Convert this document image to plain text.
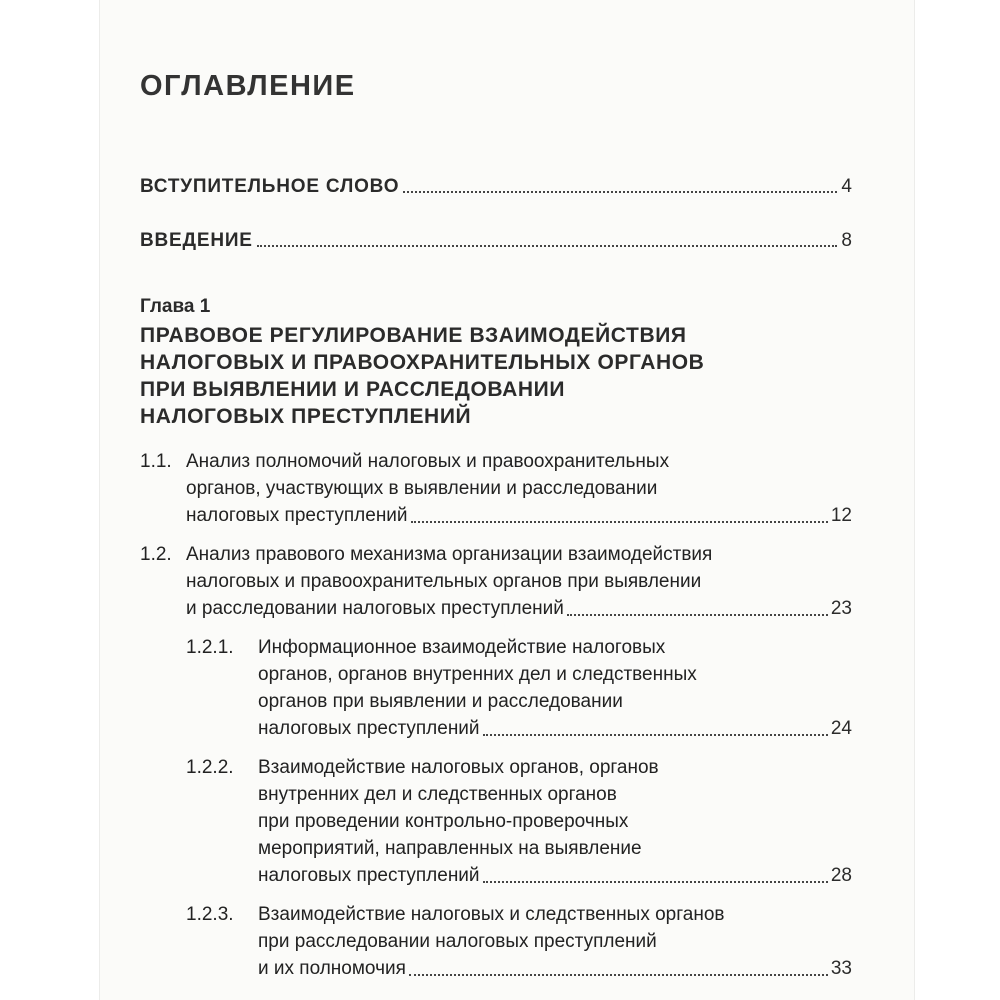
ОГЛАВЛЕНИЕ
ВСТУПИТЕЛЬНОЕ СЛОВО	4
ВВЕДЕНИЕ	8
Глава 1
ПРАВОВОЕ РЕГУЛИРОВАНИЕ ВЗАИМОДЕЙСТВИЯ
НАЛОГОВЫХ И ПРАВООХРАНИТЕЛЬНЫХ ОРГАНОВ
ПРИ ВЫЯВЛЕНИИ И РАССЛЕДОВАНИИ
НАЛОГОВЫХ ПРЕСТУПЛЕНИЙ
1.1. Анализ полномочий налоговых и правоохранительных
органов, участвующих в выявлении и расследовании
налоговых преступлений	12
1.2. Анализ правового механизма организации взаимодействия
налоговых и правоохранительных органов при выявлении
и расследовании налоговых преступлений	23
1.2.1. Информационное взаимодействие налоговых
органов, органов внутренних дел и следственных
органов при выявлении и расследовании
налоговых преступлений	24
1.2.2. Взаимодействие налоговых органов, органов
внутренних дел и следственных органов
при проведении контрольно-проверочных
мероприятий, направленных на выявление
налоговых преступлений	28
1.2.3. Взаимодействие налоговых и следственных органов
при расследовании налоговых преступлений
и их полномочия	33
